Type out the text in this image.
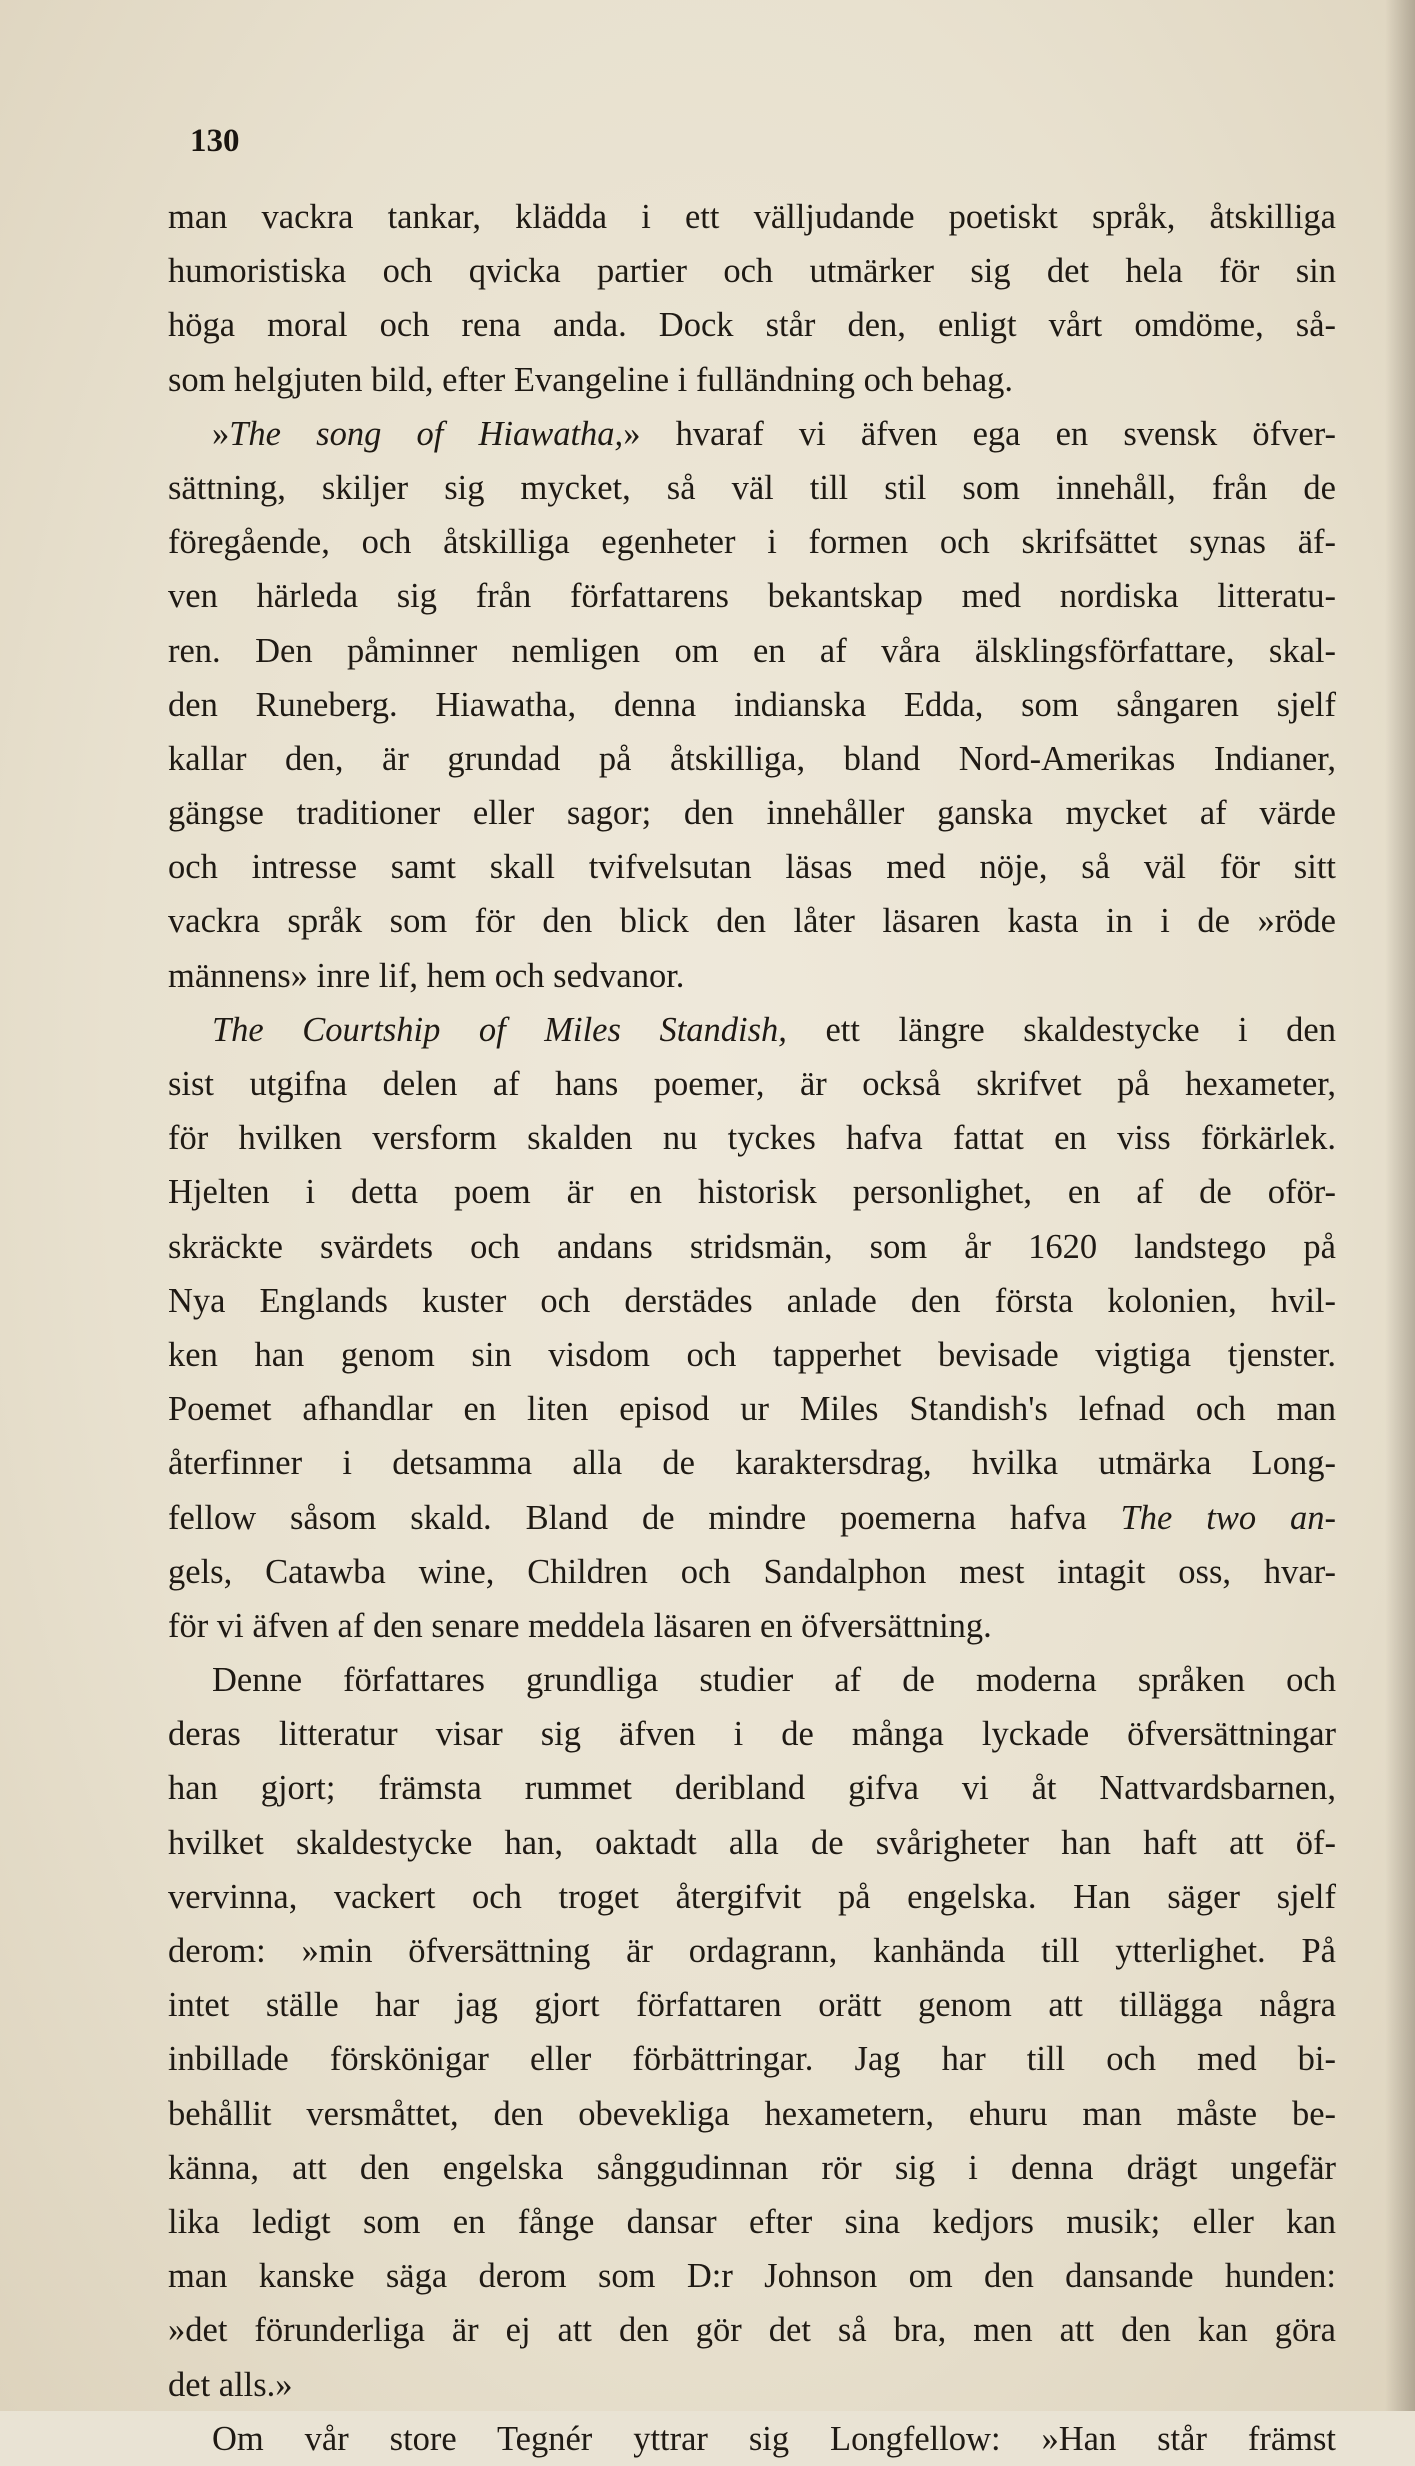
130
man vackra tankar, klädda i ett välljudande poetiskt språk, åtskilliga
humoristiska och qvicka partier och utmärker sig det hela för sin
höga moral och rena anda. Dock står den, enligt vårt omdöme, så-
som helgjuten bild, efter Evangeline i fulländning och behag.
»The song of Hiawatha,» hvaraf vi äfven ega en svensk öfver-
sättning, skiljer sig mycket, så väl till stil som innehåll, från de
föregående, och åtskilliga egenheter i formen och skrifsättet synas äf-
ven härleda sig från författarens bekantskap med nordiska litteratu-
ren. Den påminner nemligen om en af våra älsklingsförfattare, skal-
den Runeberg. Hiawatha, denna indianska Edda, som sångaren sjelf
kallar den, är grundad på åtskilliga, bland Nord-Amerikas Indianer,
gängse traditioner eller sagor; den innehåller ganska mycket af värde
och intresse samt skall tvifvelsutan läsas med nöje, så väl för sitt
vackra språk som för den blick den låter läsaren kasta in i de »röde
männens» inre lif, hem och sedvanor.
The Courtship of Miles Standish, ett längre skaldestycke i den
sist utgifna delen af hans poemer, är också skrifvet på hexameter,
för hvilken versform skalden nu tyckes hafva fattat en viss förkärlek.
Hjelten i detta poem är en historisk personlighet, en af de oför-
skräckte svärdets och andans stridsmän, som år 1620 landstego på
Nya Englands kuster och derstädes anlade den första kolonien, hvil-
ken han genom sin visdom och tapperhet bevisade vigtiga tjenster.
Poemet afhandlar en liten episod ur Miles Standish's lefnad och man
återfinner i detsamma alla de karaktersdrag, hvilka utmärka Long-
fellow såsom skald. Bland de mindre poemerna hafva The two an-
gels, Catawba wine, Children och Sandalphon mest intagit oss, hvar-
för vi äfven af den senare meddela läsaren en öfversättning.
Denne författares grundliga studier af de moderna språken och
deras litteratur visar sig äfven i de många lyckade öfversättningar
han gjort; främsta rummet deribland gifva vi åt Nattvardsbarnen,
hvilket skaldestycke han, oaktadt alla de svårigheter han haft att öf-
vervinna, vackert och troget återgifvit på engelska. Han säger sjelf
derom: »min öfversättning är ordagrann, kanhända till ytterlighet. På
intet ställe har jag gjort författaren orätt genom att tillägga några
inbillade förskönigar eller förbättringar. Jag har till och med bi-
behållit versmåttet, den obevekliga hexametern, ehuru man måste be-
känna, att den engelska sånggudinnan rör sig i denna drägt ungefär
lika ledigt som en fånge dansar efter sina kedjors musik; eller kan
man kanske säga derom som D:r Johnson om den dansande hunden:
»det förunderliga är ej att den gör det så bra, men att den kan göra
det alls.»
Om vår store Tegnér yttrar sig Longfellow: »Han står främst
